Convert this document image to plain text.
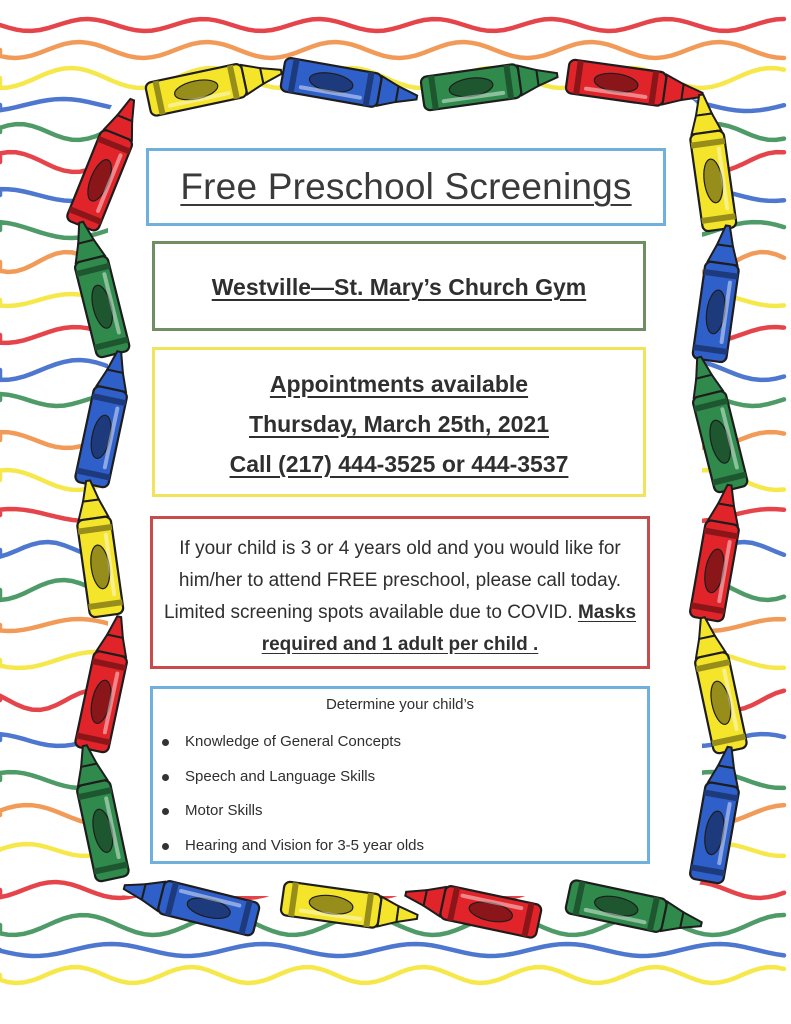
Free Preschool Screenings
Westville—St. Mary’s Church Gym
Appointments available
Thursday, March 25th, 2021
Call (217) 444-3525 or 444-3537

If your child is 3 or 4 years old and you would like for him/her to attend FREE preschool, please call today. Limited screening spots available due to COVID. Masks required and 1 adult per child .

Determine your child’s
Knowledge of General Concepts
Speech and Language Skills
Motor Skills
Hearing and Vision for 3-5 year olds
